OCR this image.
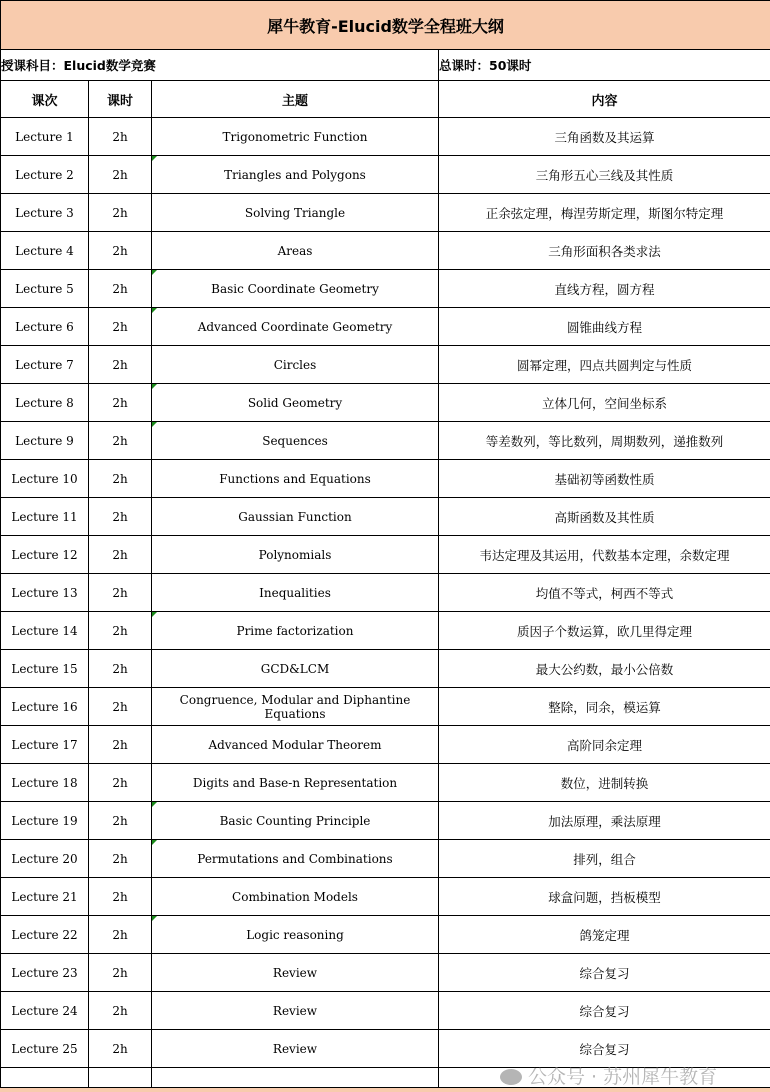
犀牛教育-Elucid数学全程班大纲			
授课科目：Elucid数学竞赛			总课时：50课时
课次	课时	主题	内容
Lecture 1	2h	Trigonometric Function	三角函数及其运算
Lecture 2	2h	Triangles and Polygons	三角形五心三线及其性质
Lecture 3	2h	Solving Triangle	正余弦定理，梅涅劳斯定理，斯图尔特定理
Lecture 4	2h	Areas	三角形面积各类求法
Lecture 5	2h	Basic Coordinate Geometry	直线方程，圆方程
Lecture 6	2h	Advanced Coordinate Geometry	圆锥曲线方程
Lecture 7	2h	Circles	圆幂定理，四点共圆判定与性质
Lecture 8	2h	Solid Geometry	立体几何，空间坐标系
Lecture 9	2h	Sequences	等差数列，等比数列，周期数列，递推数列
Lecture 10	2h	Functions and Equations	基础初等函数性质
Lecture 11	2h	Gaussian Function	高斯函数及其性质
Lecture 12	2h	Polynomials	韦达定理及其运用，代数基本定理，余数定理
Lecture 13	2h	Inequalities	均值不等式，柯西不等式
Lecture 14	2h	Prime factorization	质因子个数运算，欧几里得定理
Lecture 15	2h	GCD&LCM	最大公约数，最小公倍数
Lecture 16	2h	Congruence, Modular and Diphantine Equations	整除，同余，模运算
Lecture 17	2h	Advanced Modular Theorem	高阶同余定理
Lecture 18	2h	Digits and Base-n Representation	数位，进制转换
Lecture 19	2h	Basic Counting Principle	加法原理，乘法原理
Lecture 20	2h	Permutations and Combinations	排列，组合
Lecture 21	2h	Combination Models	球盒问题，挡板模型
Lecture 22	2h	Logic reasoning	鸽笼定理
Lecture 23	2h	Review	综合复习
Lecture 24	2h	Review	综合复习
Lecture 25	2h	Review	综合复习

公众号 · 苏州犀牛教育
